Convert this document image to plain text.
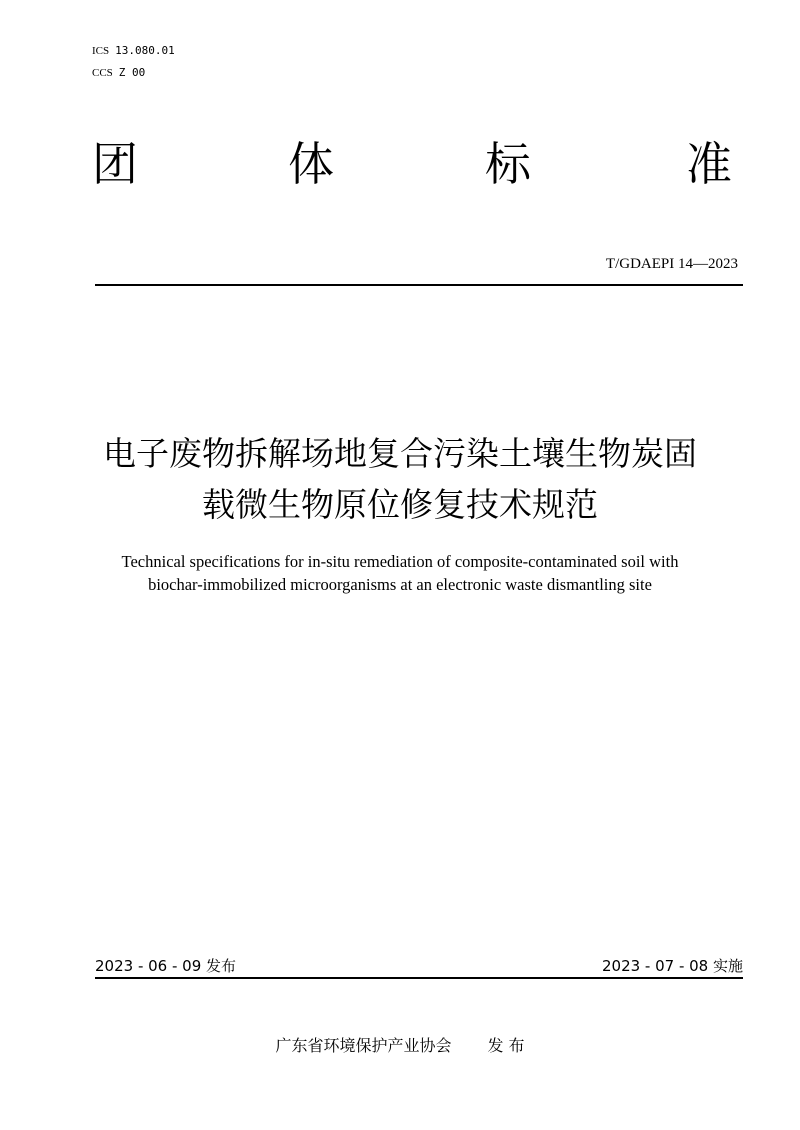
ICS 13.080.01
CCS Z 00
团	体	标	准
T/GDAEPI 14—2023
电子废物拆解场地复合污染土壤生物炭固
载微生物原位修复技术规范
Technical specifications for in-situ remediation of composite-contaminated soil with
biochar-immobilized microorganisms at an electronic waste dismantling site
2023 - 06 - 09 发布	2023 - 07 - 08 实施
广东省环境保护产业协会 发 布
